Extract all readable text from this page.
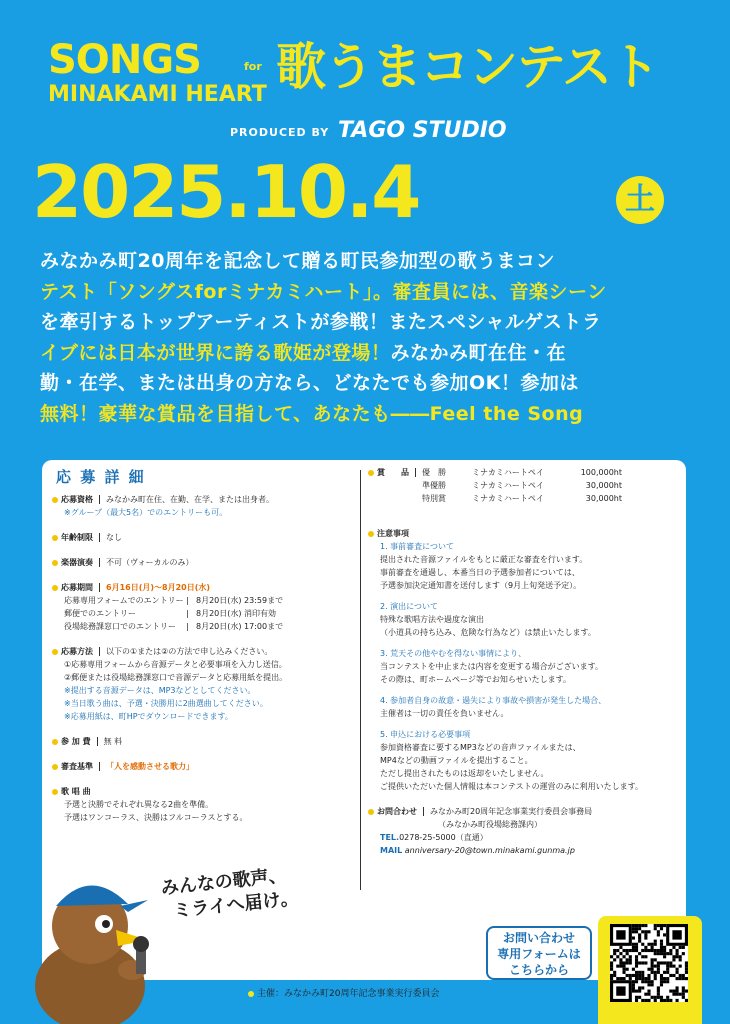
SONGS	for
MINAKAMI HEART 歌うまコンテスト
PRODUCED BY TAGO STUDIO
2025.10.4	土

みなかみ町20周年を記念して贈る町民参加型の歌うまコン

テスト「ソングスforミナカミハート」。審査員には、音楽シーン

を牽引するトップアーティストが参戦！またスペシャルゲストラ

イブには日本が世界に誇る歌姫が登場！みなかみ町在住・在

勤・在学、または出身の方なら、どなたでも参加OK！参加は

無料！豪華な賞品を目指して、あなたも――Feel the Song

応 募 詳 細
応募資格 みなかみ町在住、在勤、在学、または出身者。
※グループ（最大5名）でのエントリーも可。
年齢制限 なし
楽器演奏 不可（ヴォーカルのみ）
応募期間 6月16日(月)～8月20日(水)
応募専用フォームでのエントリー | 8月20日(水) 23:59まで
郵便でのエントリー	| 8月20日(水) 消印有効
役場総務課窓口でのエントリー	| 8月20日(水) 17:00まで
応募方法 以下の①または②の方法で申し込みください。
①応募専用フォームから音源データと必要事項を入力し送信。
②郵便または役場総務課窓口で音源データと応募用紙を提出。
※提出する音源データは、MP3などとしてください。
※当日歌う曲は、予選・決勝用に2曲選曲してください。
※応募用紙は、町HPでダウンロードできます。
参 加 費 無 料
審査基準 「人を感動させる歌力」
歌 唱 曲
予選と決勝でそれぞれ異なる2曲を準備。
予選はワンコーラス、決勝はフルコーラスとする。
賞　　品	優　勝	ミナカミハートペイ	100,000ht
準優勝	ミナカミハートペイ	30,000ht
特別賞	ミナカミハートペイ	30,000ht
注意事項
1. 事前審査について
提出された音源ファイルをもとに厳正な審査を行います。
事前審査を通過し、本番当日の予選参加者については、
予選参加決定通知書を送付します（9月上旬発送予定）。
2. 演出について
特殊な歌唱方法や過度な演出
（小道具の持ち込み、危険な行為など）は禁止いたします。
3. 荒天その他やむを得ない事情により、
当コンテストを中止または内容を変更する場合がございます。
その際は、町ホームページ等でお知らせいたします。
4. 参加者自身の故意・過失により事故や損害が発生した場合、
主催者は一切の責任を負いません。
5. 申込における必要事項
参加資格審査に要するMP3などの音声ファイルまたは、
MP4などの動画ファイルを提出すること。
ただし提出されたものは返却をいたしません。
ご提供いただいた個人情報は本コンテストの運営のみに利用いたします。
お問合わせ みなかみ町20周年記念事業実行委員会事務局
（みなかみ町役場総務課内）
TEL.0278-25-5000（直通）
MAIL anniversary-20@town.minakami.gunma.jp
みんなの歌声、
ミライへ届け。
お問い合わせ
専用フォームは
こちらから
主催：みなかみ町20周年記念事業実行委員会
